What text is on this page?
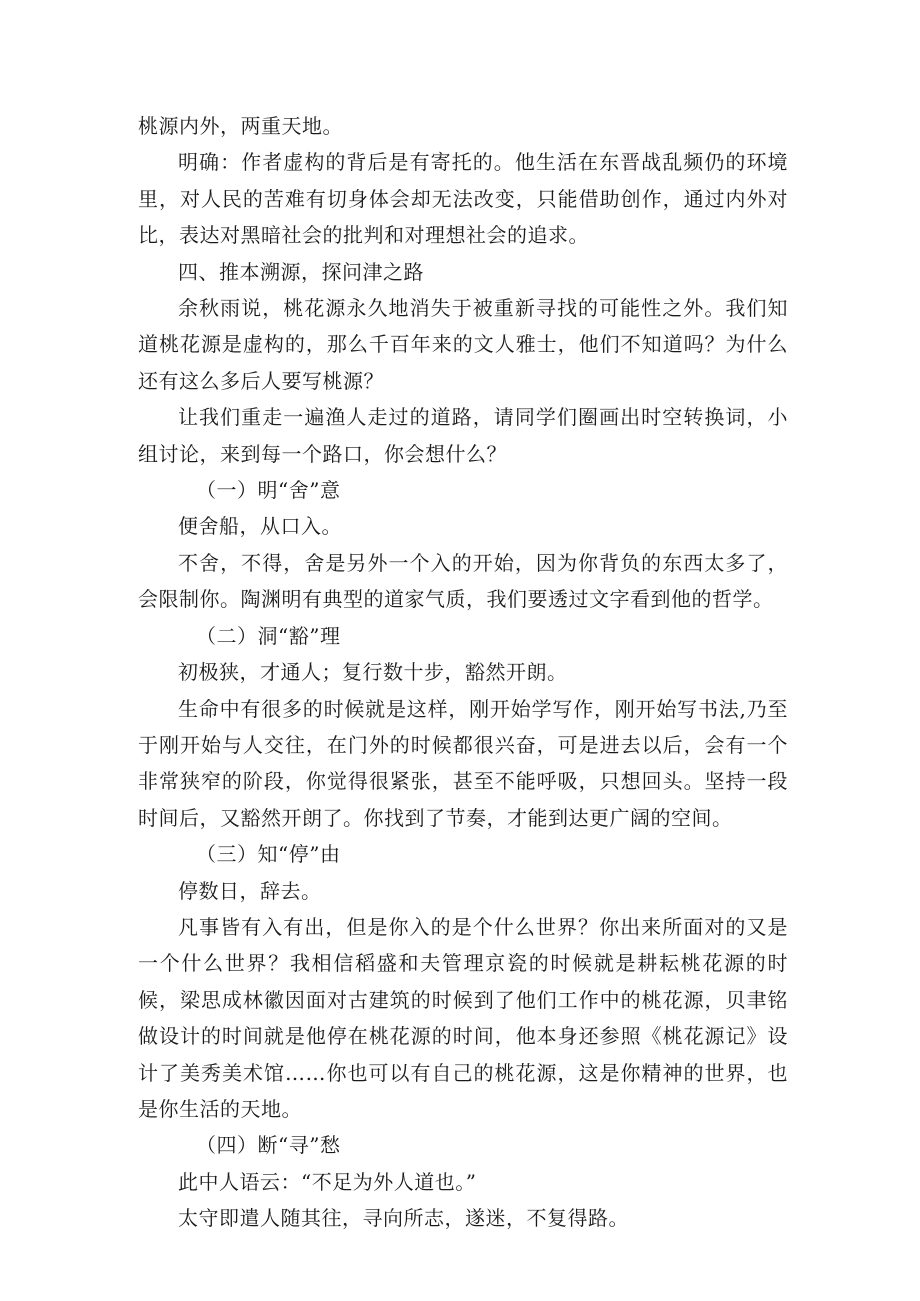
桃源内外，两重天地。

明确：作者虚构的背后是有寄托的。他生活在东晋战乱频仍的环境里，对人民的苦难有切身体会却无法改变，只能借助创作，通过内外对比，表达对黑暗社会的批判和对理想社会的追求。

四、推本溯源，探问津之路

余秋雨说，桃花源永久地消失于被重新寻找的可能性之外。我们知道桃花源是虚构的，那么千百年来的文人雅士，他们不知道吗？为什么还有这么多后人要写桃源？

让我们重走一遍渔人走过的道路，请同学们圈画出时空转换词，小组讨论，来到每一个路口，你会想什么？

（一）明“舍”意

便舍船，从口入。

不舍，不得，舍是另外一个入的开始，因为你背负的东西太多了，会限制你。陶渊明有典型的道家气质，我们要透过文字看到他的哲学。

（二）洞“豁”理

初极狭，才通人；复行数十步，豁然开朗。

生命中有很多的时候就是这样，刚开始学写作，刚开始写书法,乃至于刚开始与人交往，在门外的时候都很兴奋，可是进去以后，会有一个非常狭窄的阶段，你觉得很紧张，甚至不能呼吸，只想回头。坚持一段时间后，又豁然开朗了。你找到了节奏，才能到达更广阔的空间。

（三）知“停”由

停数日，辞去。

凡事皆有入有出，但是你入的是个什么世界？你出来所面对的又是一个什么世界？我相信稻盛和夫管理京瓷的时候就是耕耘桃花源的时候，梁思成林徽因面对古建筑的时候到了他们工作中的桃花源，贝聿铭做设计的时间就是他停在桃花源的时间，他本身还参照《桃花源记》设计了美秀美术馆……你也可以有自己的桃花源，这是你精神的世界，也是你生活的天地。

（四）断“寻”愁

此中人语云：“不足为外人道也。”

太守即遣人随其往，寻向所志，遂迷，不复得路。
